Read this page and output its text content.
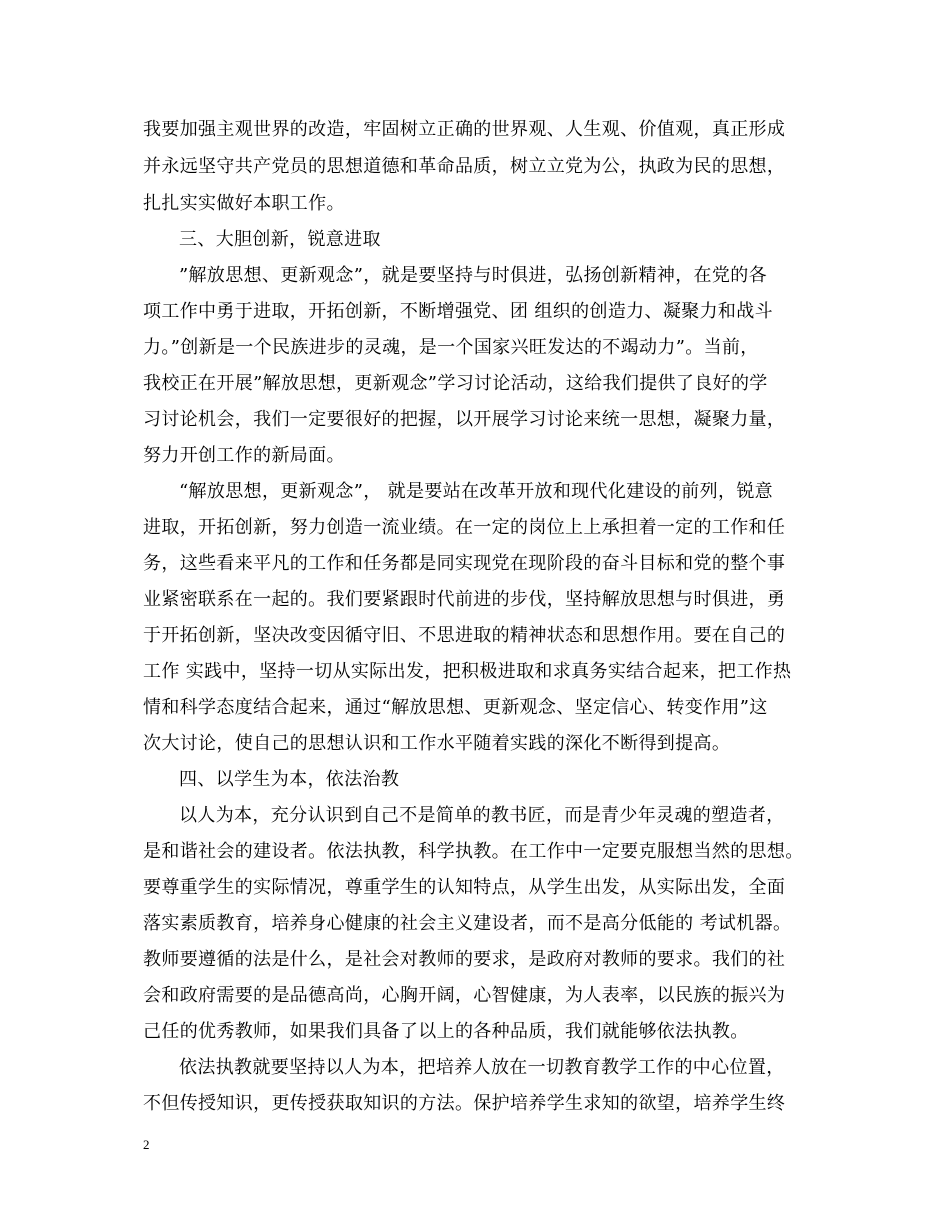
我要加强主观世界的改造，牢固树立正确的世界观、人生观、价值观，真正形成
并永远坚守共产党员的思想道德和革命品质，树立立党为公，执政为民的思想，
扎扎实实做好本职工作。
三、大胆创新，锐意进取
”解放思想、更新观念”，就是要坚持与时俱进，弘扬创新精神，在党的各
项工作中勇于进取，开拓创新，不断增强党、团 组织的创造力、凝聚力和战斗
力。”创新是一个民族进步的灵魂，是一个国家兴旺发达的不竭动力”。当前，
我校正在开展”解放思想，更新观念”学习讨论活动，这给我们提供了良好的学
习讨论机会，我们一定要很好的把握，以开展学习讨论来统一思想，凝聚力量，
努力开创工作的新局面。
“解放思想，更新观念”， 就是要站在改革开放和现代化建设的前列，锐意
进取，开拓创新，努力创造一流业绩。在一定的岗位上上承担着一定的工作和任
务，这些看来平凡的工作和任务都是同实现党在现阶段的奋斗目标和党的整个事
业紧密联系在一起的。我们要紧跟时代前进的步伐，坚持解放思想与时俱进，勇
于开拓创新，坚决改变因循守旧、不思进取的精神状态和思想作用。要在自己的
工作 实践中，坚持一切从实际出发，把积极进取和求真务实结合起来，把工作热
情和科学态度结合起来，通过“解放思想、更新观念、坚定信心、转变作用”这
次大讨论，使自己的思想认识和工作水平随着实践的深化不断得到提高。
四、以学生为本，依法治教
以人为本，充分认识到自己不是简单的教书匠，而是青少年灵魂的塑造者，
是和谐社会的建设者。依法执教，科学执教。在工作中一定要克服想当然的思想。
要尊重学生的实际情况，尊重学生的认知特点，从学生出发，从实际出发，全面
落实素质教育，培养身心健康的社会主义建设者，而不是高分低能的 考试机器。
教师要遵循的法是什么，是社会对教师的要求，是政府对教师的要求。我们的社
会和政府需要的是品德高尚，心胸开阔，心智健康，为人表率，以民族的振兴为
己任的优秀教师，如果我们具备了以上的各种品质，我们就能够依法执教。
依法执教就要坚持以人为本，把培养人放在一切教育教学工作的中心位置，
不但传授知识，更传授获取知识的方法。保护培养学生求知的欲望，培养学生终
2
